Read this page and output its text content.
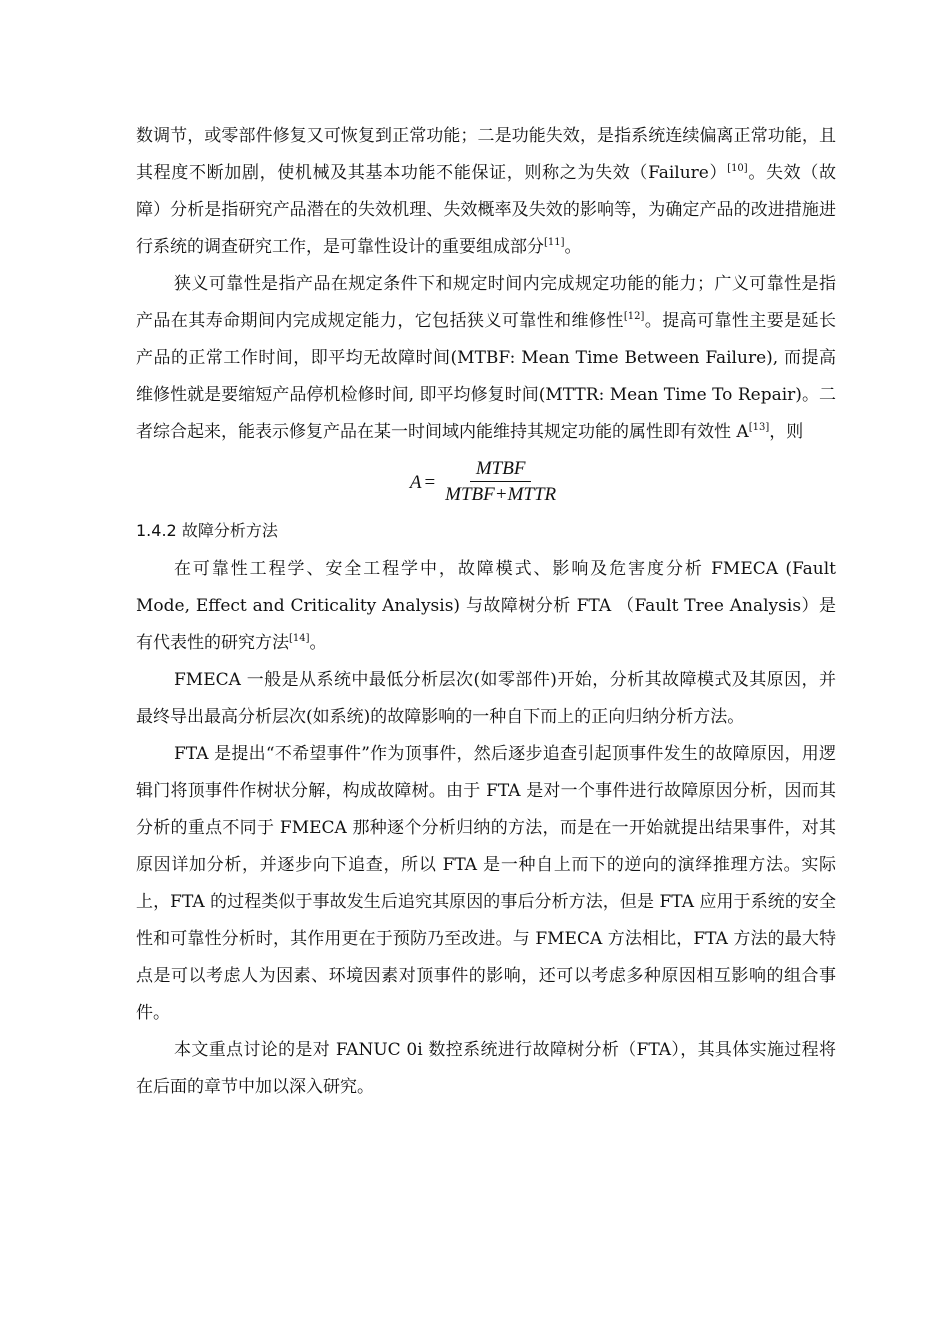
数调节，或零部件修复又可恢复到正常功能；二是功能失效，是指系统连续偏离正常功能，且其程度不断加剧，使机械及其基本功能不能保证，则称之为失效（Failure）[10]。失效（故障）分析是指研究产品潜在的失效机理、失效概率及失效的影响等，为确定产品的改进措施进行系统的调查研究工作，是可靠性设计的重要组成部分[11]。

狭义可靠性是指产品在规定条件下和规定时间内完成规定功能的能力；广义可靠性是指产品在其寿命期间内完成规定能力，它包括狭义可靠性和维修性[12]。提高可靠性主要是延长产品的正常工作时间，即平均无故障时间(MTBF: Mean Time Between Failure), 而提高维修性就是要缩短产品停机检修时间, 即平均修复时间(MTTR: Mean Time To Repair)。二者综合起来，能表示修复产品在某一时间域内能维持其规定功能的属性即有效性 A[13]，则

$A = \frac{\text{MTBF}}{\text{MTBF+MTTR}}$
1.4.2 故障分析方法

在可靠性工程学、安全工程学中，故障模式、影响及危害度分析 FMECA (Fault Mode, Effect and Criticality Analysis) 与故障树分析 FTA （Fault Tree Analysis）是有代表性的研究方法[14]。

FMECA 一般是从系统中最低分析层次(如零部件)开始，分析其故障模式及其原因，并最终导出最高分析层次(如系统)的故障影响的一种自下而上的正向归纳分析方法。

FTA 是提出“不希望事件”作为顶事件，然后逐步追查引起顶事件发生的故障原因，用逻辑门将顶事件作树状分解，构成故障树。由于 FTA 是对一个事件进行故障原因分析，因而其分析的重点不同于 FMECA 那种逐个分析归纳的方法，而是在一开始就提出结果事件，对其原因详加分析，并逐步向下追查，所以 FTA 是一种自上而下的逆向的演绎推理方法。实际上，FTA 的过程类似于事故发生后追究其原因的事后分析方法，但是 FTA 应用于系统的安全性和可靠性分析时，其作用更在于预防乃至改进。与 FMECA 方法相比，FTA 方法的最大特点是可以考虑人为因素、环境因素对顶事件的影响，还可以考虑多种原因相互影响的组合事件。

本文重点讨论的是对 FANUC 0i 数控系统进行故障树分析（FTA），其具体实施过程将在后面的章节中加以深入研究。
